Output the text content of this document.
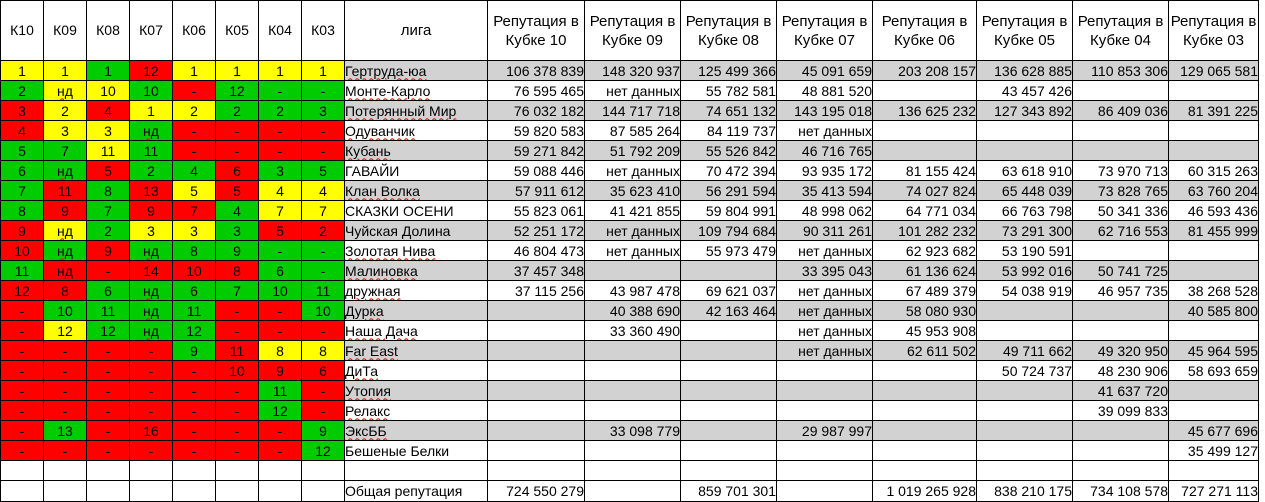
К10	К09	К08	К07	К06	К05	К04	К03	лига	Репутация в Кубке 10	Репутация в Кубке 09	Репутация в Кубке 08	Репутация в Кубке 07	Репутация в Кубке 06	Репутация в Кубке 05	Репутация в Кубке 04	Репутация в Кубке 03
1	1	1	12	1	1	1	1	Гертруда-юа	106 378 839	148 320 937	125 499 366	45 091 659	203 208 157	136 628 885	110 853 306	129 065 581
2	нд	10	10	-	12	-	-	Монте-Карло	76 595 465	нет данных	55 782 581	48 881 520		43 457 426		
3	2	4	1	2	2	2	3	Потерянный Мир	76 032 182	144 717 718	74 651 132	143 195 018	136 625 232	127 343 892	86 409 036	81 391 225
4	3	3	нд	-	-	-	-	Одуванчик	59 820 583	87 585 264	84 119 737	нет данных				
5	7	11	11	-	-	-	-	Кубань	59 271 842	51 792 209	55 526 842	46 716 765				
6	нд	5	2	4	6	3	5	ГАВАЙИ	59 088 446	нет данных	70 472 394	93 935 172	81 155 424	63 618 910	73 970 713	60 315 263
7	11	8	13	5	5	4	4	Клан Волка	57 911 612	35 623 410	56 291 594	35 413 594	74 027 824	65 448 039	73 828 765	63 760 204
8	9	7	9	7	4	7	7	СКАЗКИ ОСЕНИ	55 823 061	41 421 855	59 804 991	48 998 062	64 771 034	66 763 798	50 341 336	46 593 436
9	нд	2	3	3	3	5	2	Чуйская Долина	52 251 172	нет данных	109 794 684	90 311 261	101 282 232	73 291 300	62 716 553	81 455 999
10	нд	9	нд	8	9	-	-	Золотая Нива	46 804 473	нет данных	55 973 479	нет данных	62 923 682	53 190 591		
11	нд	-	14	10	8	6	-	Малиновка	37 457 348			33 395 043	61 136 624	53 992 016	50 741 725	
12	8	6	нд	6	7	10	11	дружная	37 115 256	43 987 478	69 621 037	нет данных	67 489 379	54 038 919	46 957 735	38 268 528
-	10	11	нд	11	-	-	10	Дурка		40 388 690	42 163 464	нет данных	58 080 930			40 585 800
-	12	12	нд	12	-	-	-	Наша Дача		33 360 490		нет данных	45 953 908			
-	-	-	-	9	11	8	8	Far East				нет данных	62 611 502	49 711 662	49 320 950	45 964 595
-	-	-	-	-	10	9	6	ДиТа						50 724 737	48 230 906	58 693 659
-	-	-	-	-	-	11	-	Утопия							41 637 720	
-	-	-	-	-	-	12	-	Релакс							39 099 833	
-	13	-	16	-	-	-	9	ЭксББ		33 098 779		29 987 997				45 677 696
-	-	-	-	-	-	-	12	Бешеные Белки								35 499 127

								Общая репутация	724 550 279		859 701 301		1 019 265 928	838 210 175	734 108 578	727 271 113
